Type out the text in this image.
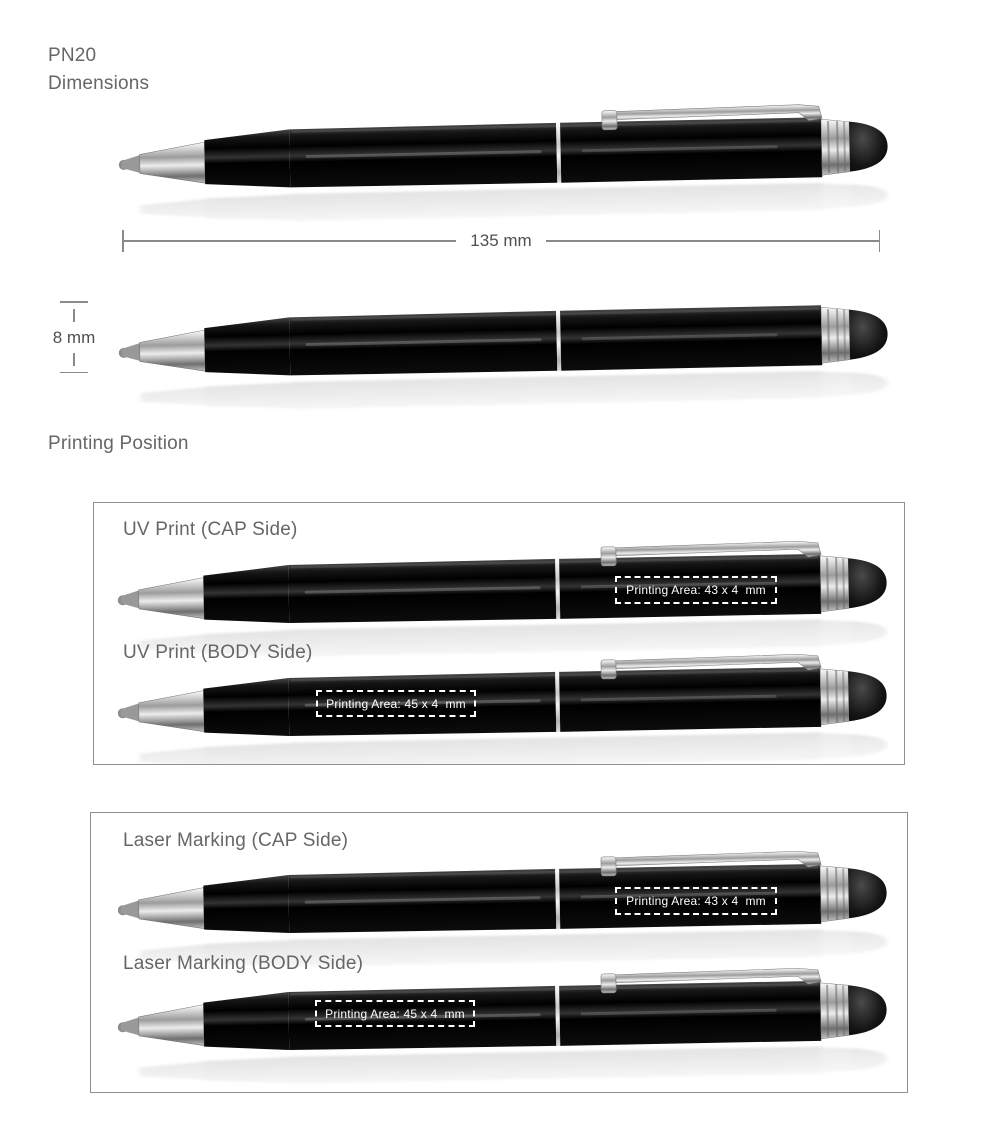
PN20
Dimensions
135 mm
8 mm
Printing Position
UV Print (CAP Side)
Printing Area: 43 x 4  mm
UV Print (BODY Side)
Printing Area: 45 x 4  mm
Laser Marking (CAP Side)
Printing Area: 43 x 4  mm
Laser Marking (BODY Side)
Printing Area: 45 x 4  mm
